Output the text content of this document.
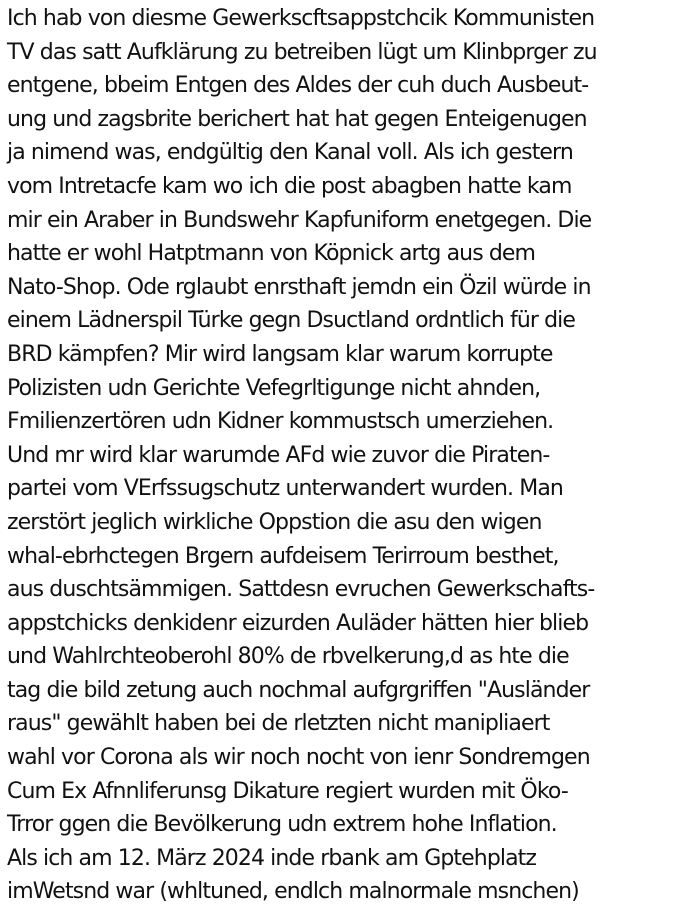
Ich hab von diesme Gewerkscftsappstchcik Kommunisten
TV das satt Aufklärung zu betreiben lügt um Klinbprger zu
entgene, bbeim Entgen des Aldes der cuh duch Ausbeut-
ung und zagsbrite berichert hat hat gegen Enteigenugen
ja nimend was, endgültig den Kanal voll. Als ich gestern
vom Intretacfe kam wo ich die post abagben hatte kam
mir ein Araber in Bundswehr Kapfuniform enetgegen. Die
hatte er wohl Hatptmann von Köpnick artg aus dem
Nato-Shop. Ode rglaubt enrsthaft jemdn ein Özil würde in
einem Lädnerspil Türke gegn Dsuctland ordntlich für die
BRD kämpfen? Mir wird langsam klar warum korrupte
Polizisten udn Gerichte Vefegrltigunge nicht ahnden,
Fmilienzertören udn Kidner kommustsch umerziehen.
Und mr wird klar warumde AFd wie zuvor die Piraten-
partei vom VErfssugschutz unterwandert wurden. Man
zerstört jeglich wirkliche Oppstion die asu den wigen
whal-ebrhctegen Brgern aufdeisem Terirroum besthet,
aus duschtsämmigen. Sattdesn evruchen Gewerkschafts-
appstchicks denkidenr eizurden Auläder hätten hier blieb
und Wahlrchteoberohl 80% de rbvelkerung,d as hte die
tag die bild zetung auch nochmal aufgrgriffen "Ausländer
raus" gewählt haben bei de rletzten nicht manipliaert
wahl vor Corona als wir noch nocht von ienr Sondremgen
Cum Ex Afnnliferunsg Dikature regiert wurden mit Öko-
Trror ggen die Bevölkerung udn extrem hohe Inflation.
Als ich am 12. März 2024 inde rbank am Gptehplatz
imWetsnd war (whltuned, endlch malnormale msnchen)
